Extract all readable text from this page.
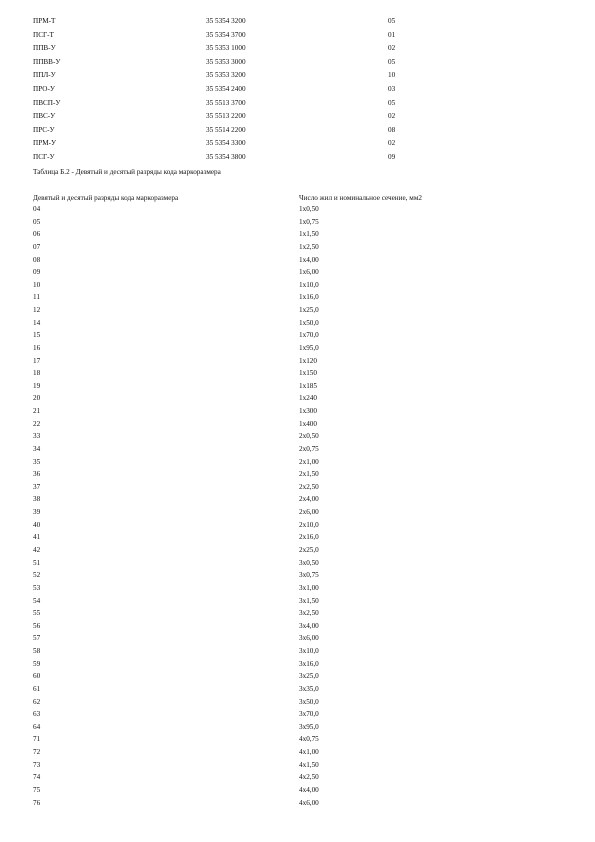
ПРМ-Т	35 5354 3200	05
ПСГ-Т	35 5354 3700	01
ППВ-У	35 5353 1000	02
ППВВ-У	35 5353 3000	05
ППЛ-У	35 5353 3200	10
ПРО-У	35 5354 2400	03
ПВСП-У	35 5513 3700	05
ПВС-У	35 5513 2200	02
ПРС-У	35 5514 2200	08
ПРМ-У	35 5354 3300	02
ПСГ-У	35 5354 3800	09
Таблица Б.2 - Девятый и десятый разряды кода маркоразмера
Девятый и десятый разряды кода маркоразмера	Число жил и номинальное сечение, мм2
04	1x0,50
05	1x0,75
06	1x1,50
07	1x2,50
08	1x4,00
09	1x6,00
10	1x10,0
11	1x16,0
12	1x25,0
14	1x50,0
15	1x70,0
16	1x95,0
17	1x120
18	1x150
19	1x185
20	1x240
21	1x300
22	1x400
33	2x0,50
34	2x0,75
35	2x1,00
36	2x1,50
37	2x2,50
38	2x4,00
39	2x6,00
40	2x10,0
41	2x16,0
42	2x25,0
51	3x0,50
52	3x0,75
53	3x1,00
54	3x1,50
55	3x2,50
56	3x4,00
57	3x6,00
58	3x10,0
59	3x16,0
60	3x25,0
61	3x35,0
62	3x50,0
63	3x70,0
64	3x95,0
71	4x0,75
72	4x1,00
73	4x1,50
74	4x2,50
75	4x4,00
76	4x6,00
